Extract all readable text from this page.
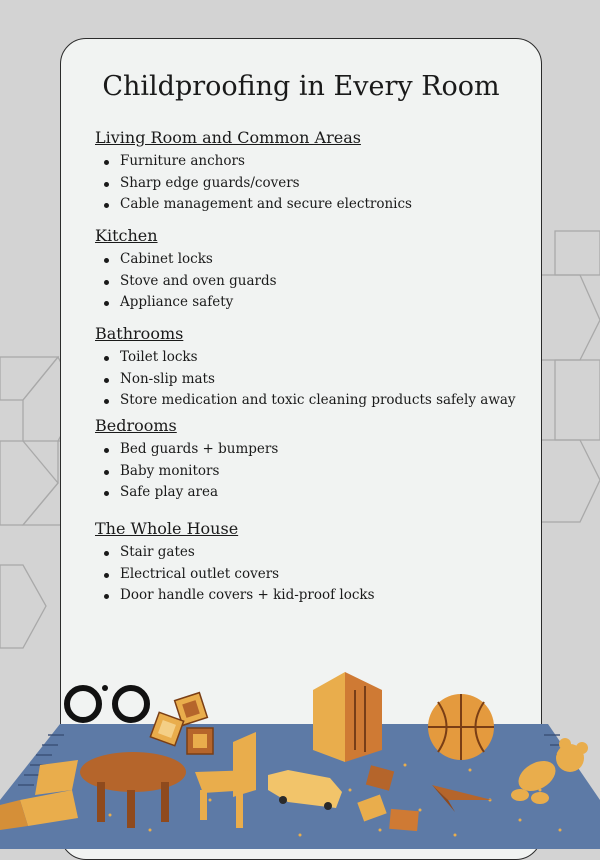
Childproofing in Every Room
Living Room and Common Areas
Furniture anchors
Sharp edge guards/covers
Cable management and secure electronics
Kitchen
Cabinet locks
Stove and oven guards
Appliance safety
Bathrooms
Toilet locks
Non-slip mats
Store medication and toxic cleaning products safely away
Bedrooms
Bed guards + bumpers
Baby monitors
Safe play area
The Whole House
Stair gates
Electrical outlet covers
Door handle covers + kid-proof locks
